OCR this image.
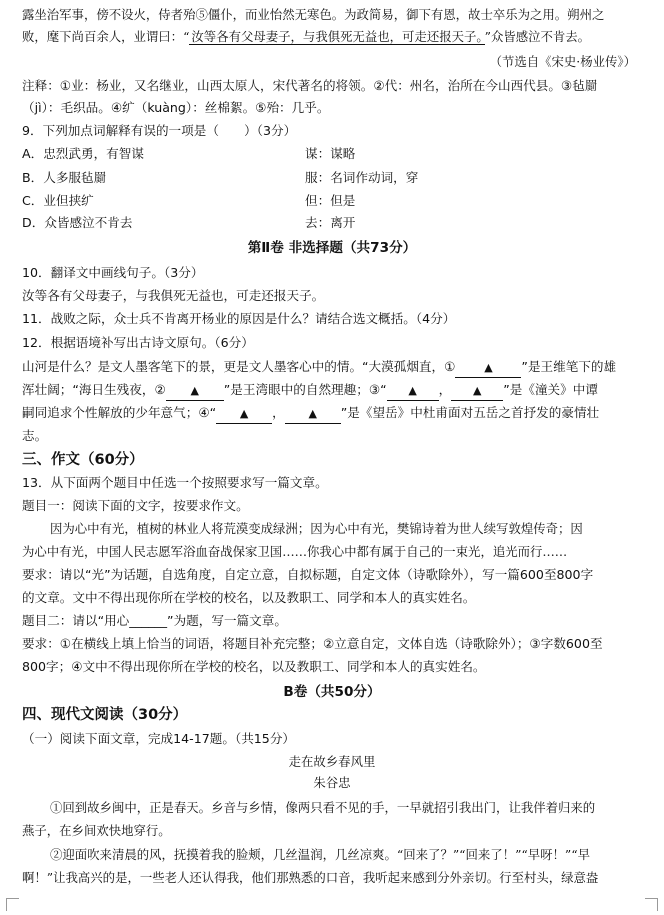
露坐治军事，傍不设火，侍者殆⑤僵仆，而业怡然无寒色。为政简易，御下有恩，故士卒乐为之用。朔州之
败，麾下尚百余人，业谓曰：“ 汝等各有父母妻子，与我俱死无益也，可走还报天子。 ”众皆感泣不肯去。
（节选自《宋史·杨业传》）
注释：①业：杨业，又名继业，山西太原人，宋代著名的将领。②代：州名，治所在今山西代县。③毡罽
（jì）：毛织品。④纩（kuàng）：丝棉絮。⑤殆：几乎。
9．下列加点词解释有误的一项是（　　）（3分）
A．忠烈武勇，有智谋	谋：谋略
B．人多服毡罽	服：名词作动词，穿
C．业但挟纩	但：但是
D．众皆感泣不肯去	去：离开
第Ⅱ卷 非选择题（共73分）
10．翻译文中画线句子。（3分）
汝等各有父母妻子，与我俱死无益也，可走还报天子。
11．战败之际，众士兵不肯离开杨业的原因是什么？请结合选文概括。（4分）
12．根据语境补写出古诗文原句。（6分）
山河是什么？是文人墨客笔下的景，更是文人墨客心中的情。“大漠孤烟直，①	▲ ”是王维笔下的雄
浑壮阔；“海日生残夜，② ▲ ”是王湾眼中的自然理趣；③“ ▲ ， ▲ ”是《潼关》中谭
嗣同追求个性解放的少年意气；④“ ▲ ， ▲ ”是《望岳》中杜甫面对五岳之首抒发的豪情壮
志。
三、作文（60分）
13．从下面两个题目中任选一个按照要求写一篇文章。
题目一：阅读下面的文字，按要求作文。
因为心中有光，植树的林业人将荒漠变成绿洲；因为心中有光，樊锦诗着为世人续写敦煌传奇；因
为心中有光，中国人民志愿军浴血奋战保家卫国……你我心中都有属于自己的一束光，追光而行……
要求：请以“光”为话题，自选角度，自定立意，自拟标题，自定文体（诗歌除外），写一篇600至800字
的文章。文中不得出现你所在学校的校名，以及教职工、同学和本人的真实姓名。
题目二：请以“用心______”为题，写一篇文章。
要求：①在横线上填上恰当的词语，将题目补充完整；②立意自定，文体自选（诗歌除外）；③字数600至
800字；④文中不得出现你所在学校的校名，以及教职工、同学和本人的真实姓名。
B卷（共50分）
四、现代文阅读（30分）
（一）阅读下面文章，完成14-17题。（共15分）
走在故乡春风里
朱谷忠
①回到故乡闽中，正是春天。乡音与乡情，像两只看不见的手，一早就招引我出门，让我伴着归来的
燕子，在乡间欢快地穿行。
②迎面吹来清晨的风，抚摸着我的脸颊，几丝温润，几丝凉爽。“回来了？”“回来了！”“早呀！”“早
啊！”让我高兴的是，一些老人还认得我，他们那熟悉的口音，我听起来感到分外亲切。行至村头，绿意盎
